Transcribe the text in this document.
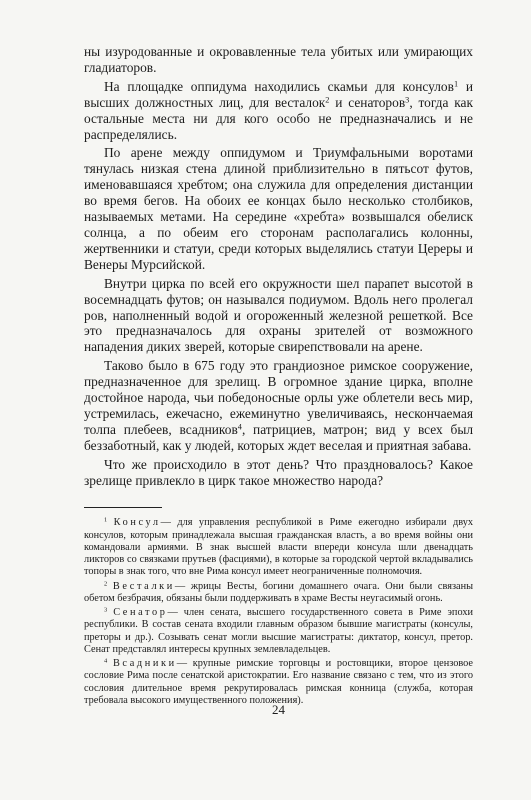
ны изуродованные и окровавленные тела убитых или умирающих гладиаторов.

На площадке оппидума находились скамьи для консулов$^1$ и высших должностных лиц, для весталок$^2$ и сенаторов$^3$, тогда как остальные места ни для кого особо не предназначались и не распределялись.

По арене между оппидумом и Триумфальными воротами тянулась низкая стена длиной приблизительно в пятьсот футов, именовавшаяся хребтом; она служила для определения дистанции во время бегов. На обоих ее концах было несколько столбиков, называемых метами. На середине «хребта» возвышался обелиск солнца, а по обеим его сторонам располагались колонны, жертвенники и статуи, среди которых выделялись статуи Цереры и Венеры Мурсийской.

Внутри цирка по всей его окружности шел парапет высотой в восемнадцать футов; он назывался подиумом. Вдоль него пролегал ров, наполненный водой и огороженный железной решеткой. Все это предназначалось для охраны зрителей от возможного нападения диких зверей, которые свирепствовали на арене.

Таково было в 675 году это грандиозное римское сооружение, предназначенное для зрелищ. В огромное здание цирка, вполне достойное народа, чьи победоносные орлы уже облетели весь мир, устремилась, ежечасно, ежеминутно увеличиваясь, нескончаемая толпа плебеев, всадников$^4$, патрициев, матрон; вид у всех был беззаботный, как у людей, которых ждет веселая и приятная забава.

Что же происходило в этот день? Что праздновалось? Какое зрелище привлекло в цирк такое множество народа?

$^1$ Консул— для управления республикой в Риме ежегодно избирали двух консулов, которым принадлежала высшая гражданская власть, а во время войны они командовали армиями. В знак высшей власти впереди консула шли двенадцать ликторов со связками прутьев (фасциями), в которые за городской чертой вкладывались топоры в знак того, что вне Рима консул имеет неограниченные полномочия.

$^2$ Весталки— жрицы Весты, богини домашнего очага. Они были связаны обетом безбрачия, обязаны были поддерживать в храме Весты неугасимый огонь.

$^3$ Сенатор— член сената, высшего государственного совета в Риме эпохи республики. В состав сената входили главным образом бывшие магистраты (консулы, преторы и др.). Созывать сенат могли высшие магистраты: диктатор, консул, претор. Сенат представлял интересы крупных землевладельцев.

$^4$ Всадники— крупные римские торговцы и ростовщики, второе цензовое сословие Рима после сенатской аристократии. Его название связано с тем, что из этого сословия длительное время рекрутировалась римская конница (служба, которая требовала высокого имущественного положения).

24
